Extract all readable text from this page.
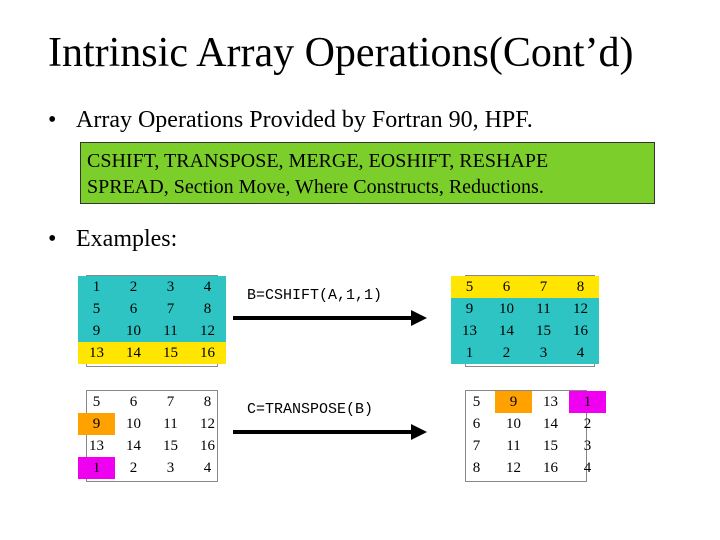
Intrinsic Array Operations(Cont’d)
• Array Operations Provided by Fortran 90, HPF.
CSHIFT, TRANSPOSE, MERGE, EOSHIFT, RESHAPE
SPREAD, Section Move, Where Constructs, Reductions.
• Examples:
1	2	3	4
5	6	7	8
9	10	11	12
13	14	15	16
B=CSHIFT(A,1,1)
5	6	7	8
9	10	11	12
13	14	15	16
1	2	3	4
5	6	7	8
9	10	11	12
13	14	15	16
1	2	3	4
C=TRANSPOSE(B)	5	9	13	1
6	10	14	2
7	11	15	3
8	12	16	4
